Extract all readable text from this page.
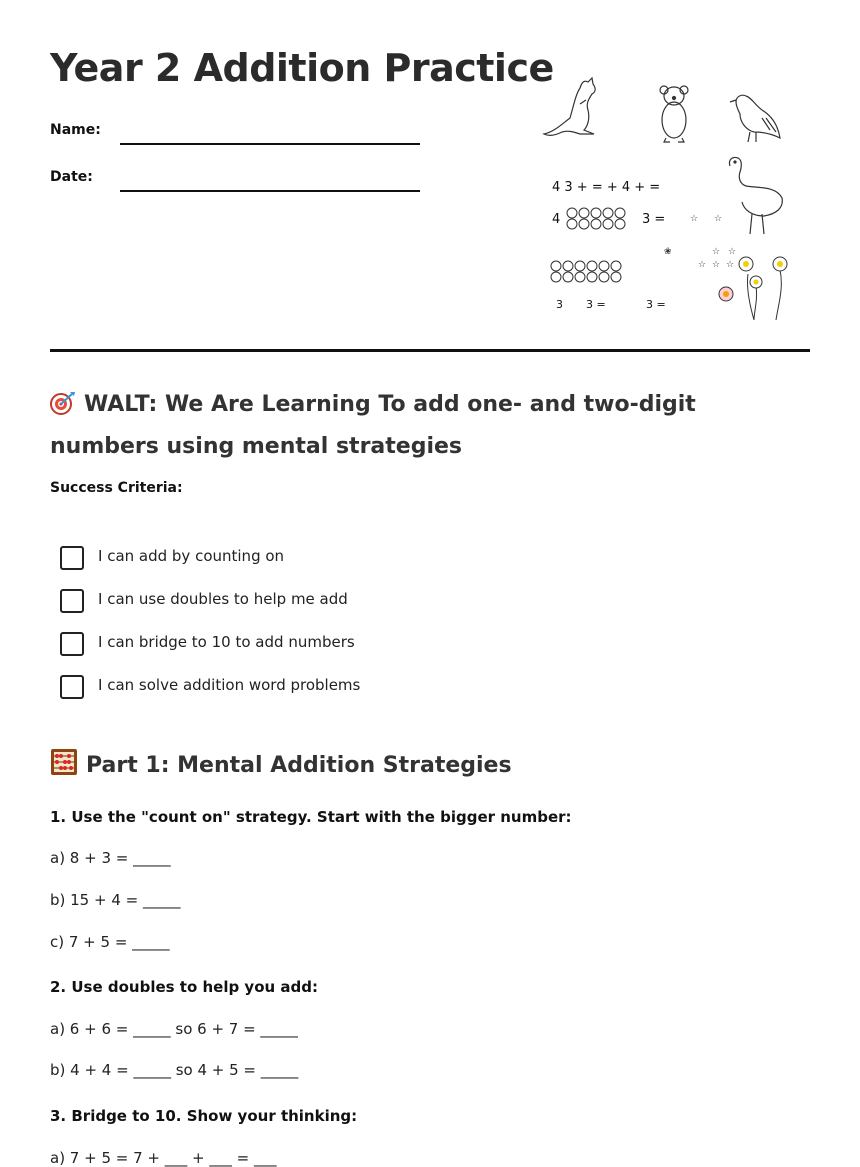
Year 2 Addition Practice
Name:
Date:
4 3 + = + 4 + =
4	3 =	☆ ☆
☆ ☆
☆ ☆ ☆
❀
3 3 =	3 =
WALT: We Are Learning To add one- and two-digit numbers using mental strategies
Success Criteria:
I can add by counting on
I can use doubles to help me add
I can bridge to 10 to add numbers
I can solve addition word problems
Part 1: Mental Addition Strategies
1. Use the "count on" strategy. Start with the bigger number:
a) 8 + 3 = _____
b) 15 + 4 = _____
c) 7 + 5 = _____
2. Use doubles to help you add:
a) 6 + 6 = _____ so 6 + 7 = _____
b) 4 + 4 = _____ so 4 + 5 = _____
3. Bridge to 10. Show your thinking:
a) 7 + 5 = 7 + ___ + ___ = ___
